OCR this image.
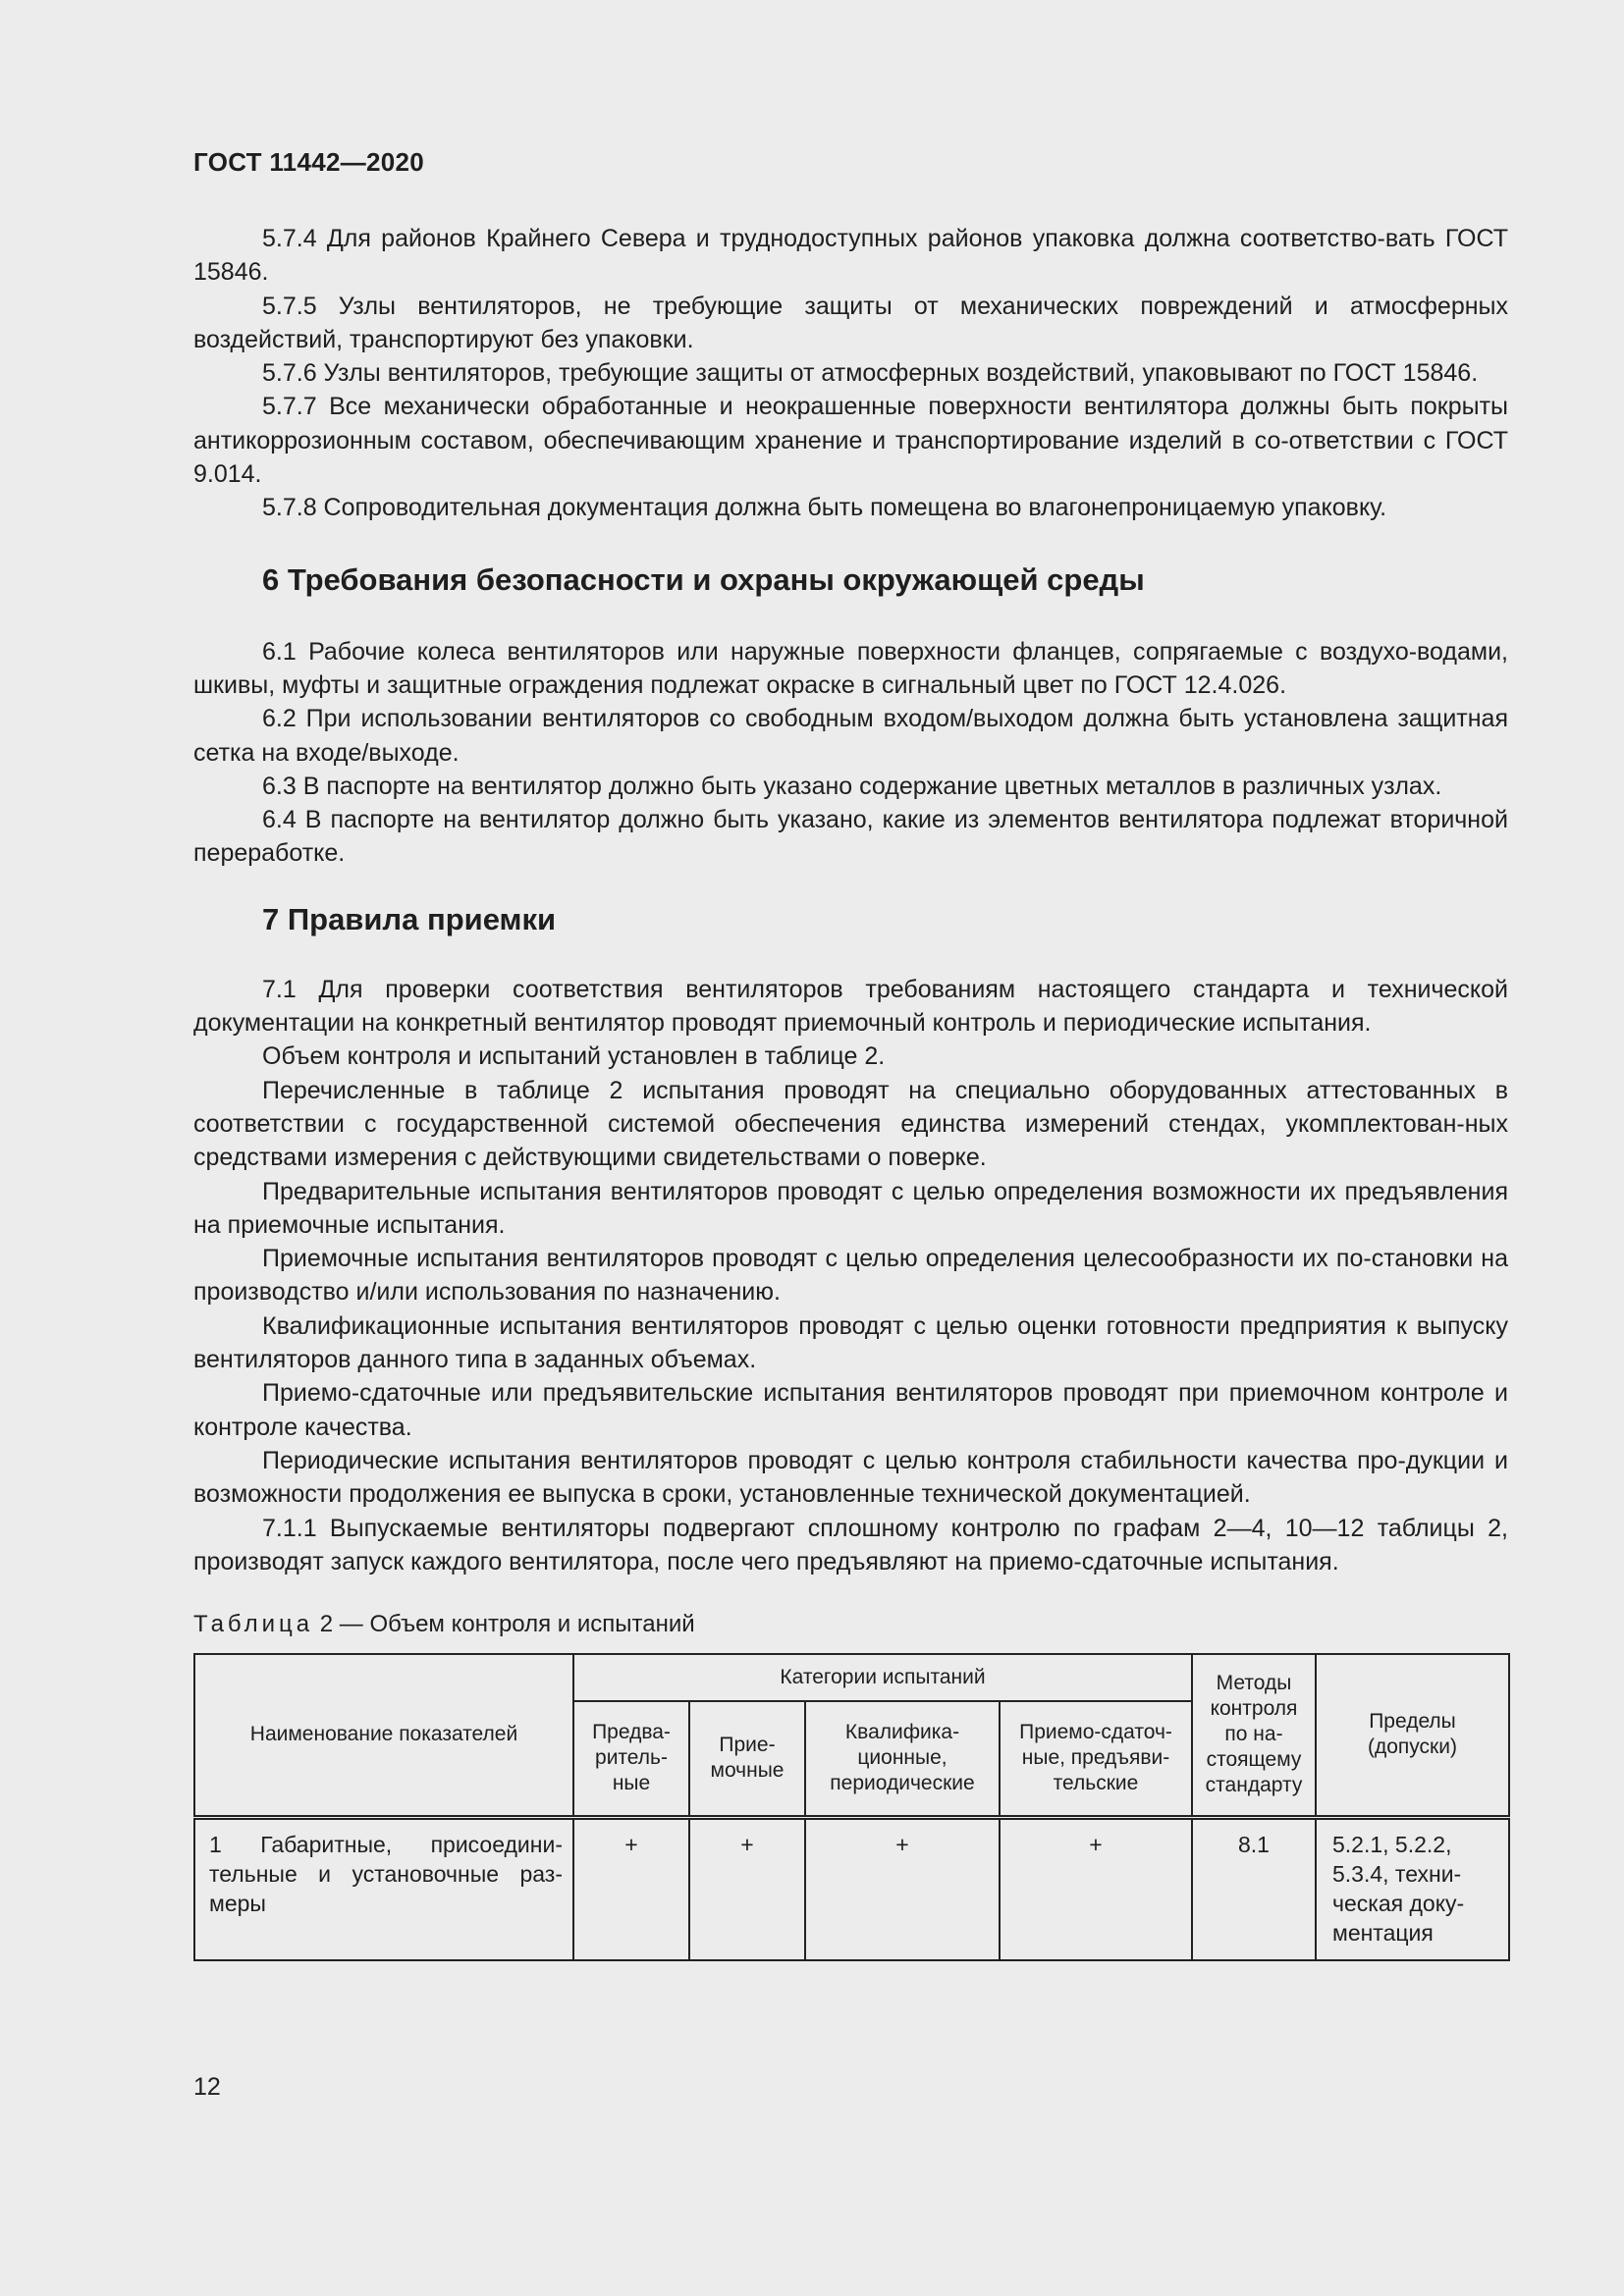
ГОСТ 11442—2020

5.7.4 Для районов Крайнего Севера и труднодоступных районов упаковка должна соответство-вать ГОСТ 15846.

5.7.5 Узлы вентиляторов, не требующие защиты от механических повреждений и атмосферных воздействий, транспортируют без упаковки.

5.7.6 Узлы вентиляторов, требующие защиты от атмосферных воздействий, упаковывают по ГОСТ 15846.

5.7.7 Все механически обработанные и неокрашенные поверхности вентилятора должны быть покрыты антикоррозионным составом, обеспечивающим хранение и транспортирование изделий в со-ответствии с ГОСТ 9.014.

5.7.8 Сопроводительная документация должна быть помещена во влагонепроницаемую упаковку.

6 Требования безопасности и охраны окружающей среды

6.1 Рабочие колеса вентиляторов или наружные поверхности фланцев, сопрягаемые с воздухо-водами, шкивы, муфты и защитные ограждения подлежат окраске в сигнальный цвет по ГОСТ 12.4.026.

6.2 При использовании вентиляторов со свободным входом/выходом должна быть установлена защитная сетка на входе/выходе.

6.3 В паспорте на вентилятор должно быть указано содержание цветных металлов в различных узлах.

6.4 В паспорте на вентилятор должно быть указано, какие из элементов вентилятора подлежат вторичной переработке.

7 Правила приемки

7.1 Для проверки соответствия вентиляторов требованиям настоящего стандарта и технической документации на конкретный вентилятор проводят приемочный контроль и периодические испытания.

Объем контроля и испытаний установлен в таблице 2.

Перечисленные в таблице 2 испытания проводят на специально оборудованных аттестованных в соответствии с государственной системой обеспечения единства измерений стендах, укомплектован-ных средствами измерения с действующими свидетельствами о поверке.

Предварительные испытания вентиляторов проводят с целью определения возможности их предъявления на приемочные испытания.

Приемочные испытания вентиляторов проводят с целью определения целесообразности их по-становки на производство и/или использования по назначению.

Квалификационные испытания вентиляторов проводят с целью оценки готовности предприятия к выпуску вентиляторов данного типа в заданных объемах.

Приемо-сдаточные или предъявительские испытания вентиляторов проводят при приемочном контроле и контроле качества.

Периодические испытания вентиляторов проводят с целью контроля стабильности качества про-дукции и возможности продолжения ее выпуска в сроки, установленные технической документацией.

7.1.1 Выпускаемые вентиляторы подвергают сплошному контролю по графам 2—4, 10—12 таблицы 2, производят запуск каждого вентилятора, после чего предъявляют на приемо-сдаточные испытания.

Таблица 2 — Объем контроля и испытаний
Наименование показателей	Категории испытаний				Методы контроля по на-стоящему стандарту	Пределы (допуски)
	Предва-ритель-ные	Прие-мочные	Квалифика-ционные, периодические	Приемо-сдаточ-ные, предъяви-тельские		
1 Габаритные, присоедини-тельные и установочные раз-меры	+	+	+	+	8.1	5.2.1, 5.2.2, 5.3.4, техни-ческая доку-ментация
12
